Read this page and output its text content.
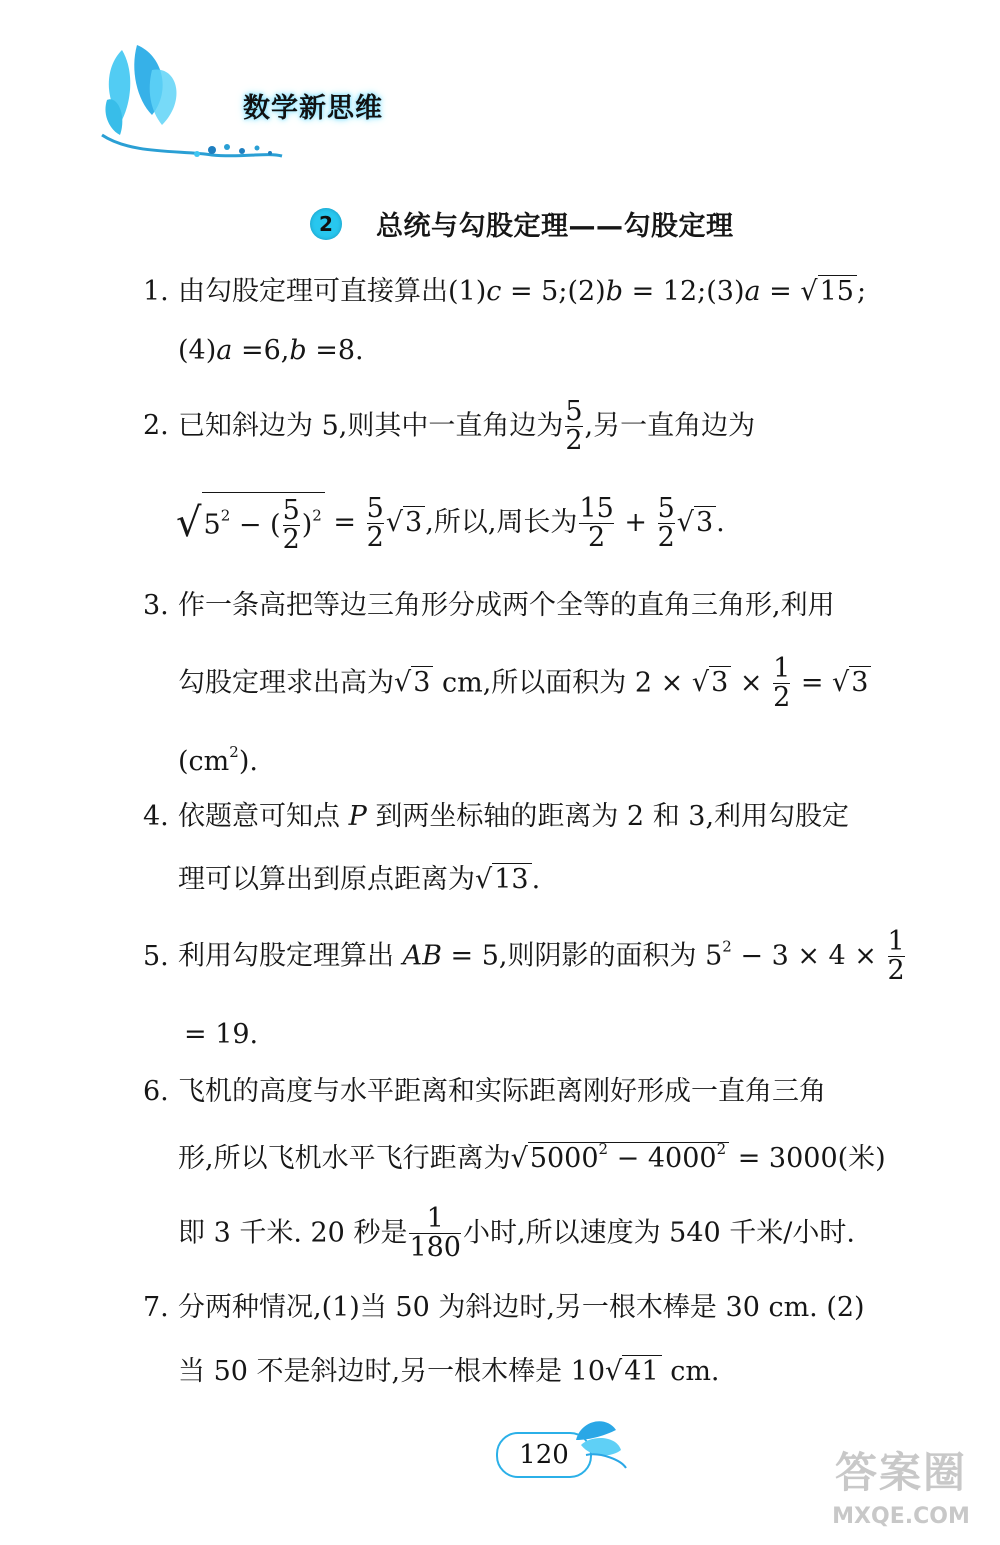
数学新思维
2	总统与勾股定理——勾股定理
1. 由勾股定理可直接算出(1)c = 5;(2)b = 12;(3)a = √15 ;
(4)a =6,b =8.
2. 已知斜边为 5,则其中一直角边为 $\frac{5}{2}$ ,另一直角边为
$√5^2$ − ( $\frac{5}{2} )^2 = \frac{5}{2} √3$ ,所以,周长为 $\frac{15}{2} + \frac{5}{2} √3$ .
3. 作一条高把等边三角形分成两个全等的直角三角形,利用
勾股定理求出高为√3 cm,所以面积为 $2 \times √3 \times \frac{1}{2} = √3$
$(cm^2)$.
4. 依题意可知点 P 到两坐标轴的距离为 2 和 3,利用勾股定
理可以算出到原点距离为√13 .
5. 利用勾股定理算出 AB = 5,则阴影的面积为 $5^2 - 3 \times 4 \times \frac{1}{2}$
= 19.
6. 飞机的高度与水平距离和实际距离刚好形成一直角三角
形,所以飞机水平飞行距离为$√5000^2 - 4000^2 = 3000$(米)
即 3 千米. 20 秒是 $\frac{1}{180}$ 小时,所以速度为 540 千米/小时.
7. 分两种情况,(1)当 50 为斜边时,另一根木棒是 30 cm. (2)
当 50 不是斜边时,另一根木棒是 10√41 cm.
120	答案圈
MXQE.COM
